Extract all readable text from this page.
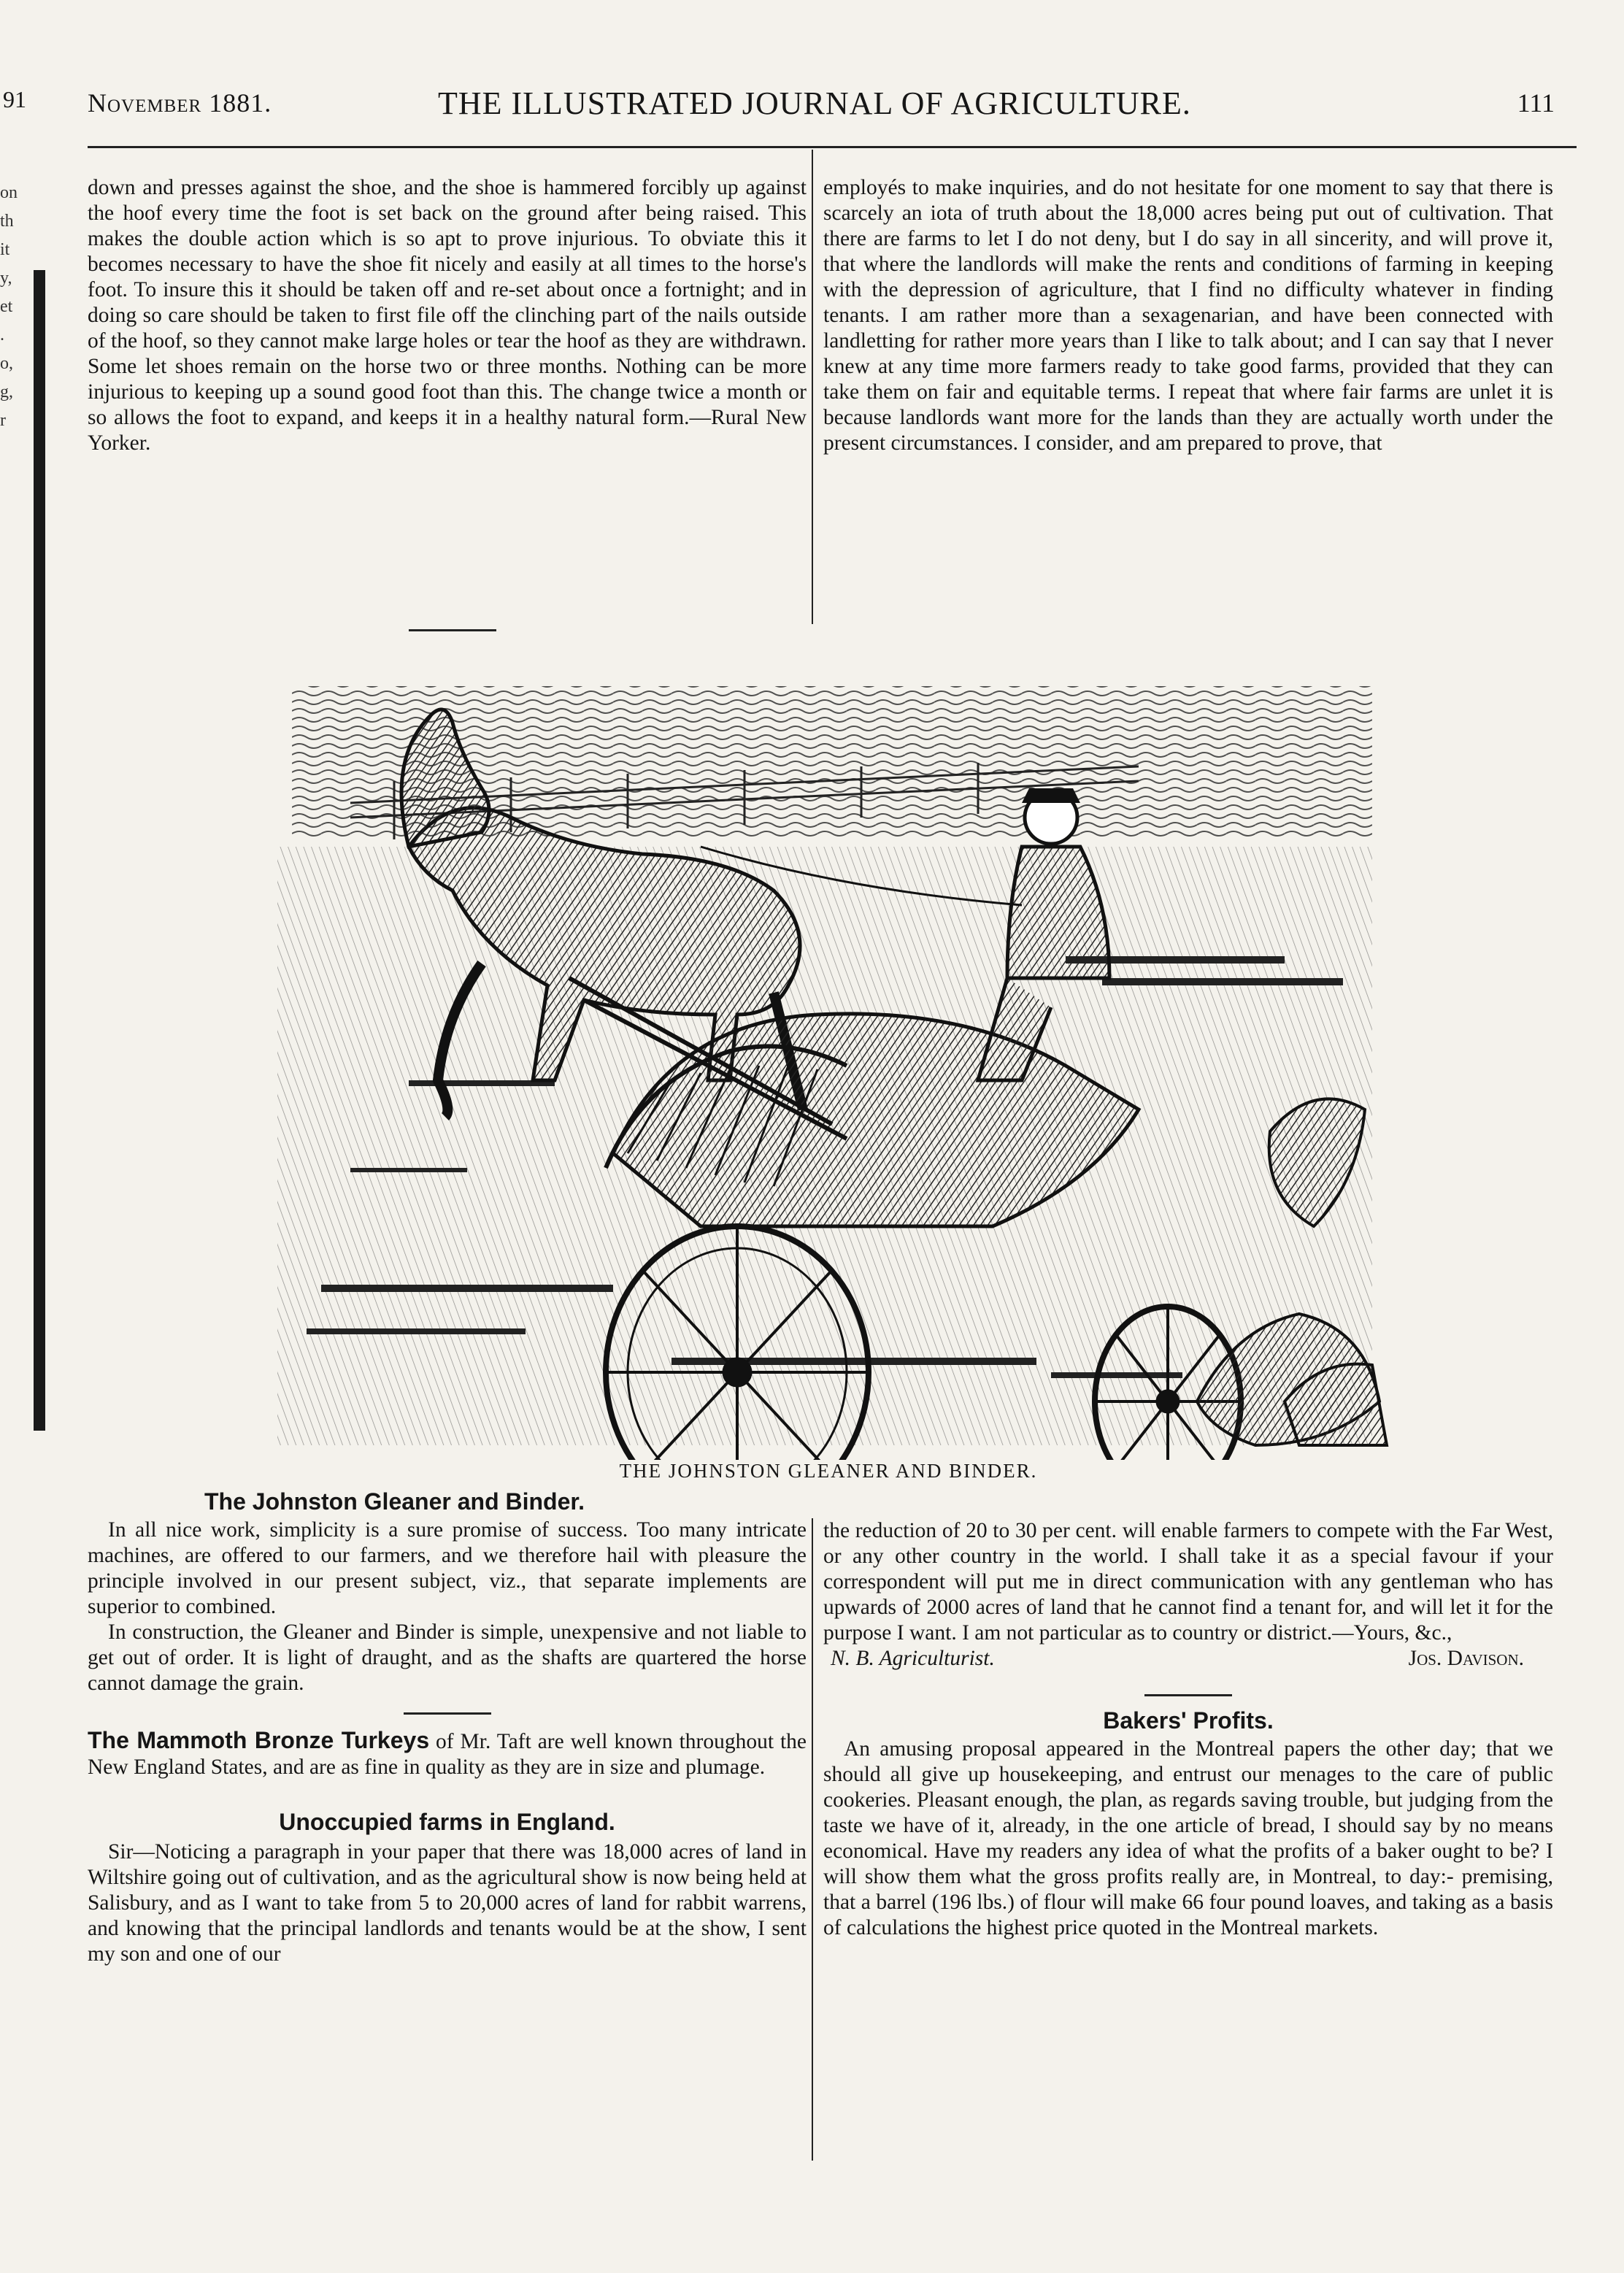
91 November 1881.	THE ILLUSTRATED JOURNAL OF AGRICULTURE.	111
on
th
it
y,
et
.
o,
g,
r

down and presses against the shoe, and the shoe is hammered forcibly up against the hoof every time the foot is set back on the ground after being raised. This makes the double action which is so apt to prove injurious. To obviate this it becomes necessary to have the shoe fit nicely and easily at all times to the horse's foot. To insure this it should be taken off and re-set about once a fortnight; and in doing so care should be taken to first file off the clinching part of the nails outside of the hoof, so they cannot make large holes or tear the hoof as they are withdrawn. Some let shoes remain on the horse two or three months. Nothing can be more injurious to keeping up a sound good foot than this. The change twice a month or so allows the foot to expand, and keeps it in a healthy natural form.—Rural New Yorker.

employés to make inquiries, and do not hesitate for one moment to say that there is scarcely an iota of truth about the 18,000 acres being put out of cultivation. That there are farms to let I do not deny, but I do say in all sincerity, and will prove it, that where the landlords will make the rents and conditions of farming in keeping with the depression of agriculture, that I find no difficulty whatever in finding tenants. I am rather more than a sexagenarian, and have been connected with landletting for rather more years than I like to talk about; and I can say that I never knew at any time more farmers ready to take good farms, provided that they can take them on fair and equitable terms. I repeat that where fair farms are unlet it is because landlords want more for the lands than they are actually worth under the present circumstances. I consider, and am prepared to prove, that

THE JOHNSTON GLEANER AND BINDER.
The Johnston Gleaner and Binder.

In all nice work, simplicity is a sure promise of success. Too many intricate machines, are offered to our farmers, and we therefore hail with pleasure the principle involved in our present subject, viz., that separate implements are superior to combined.

In construction, the Gleaner and Binder is simple, unexpensive and not liable to get out of order. It is light of draught, and as the shafts are quartered the horse cannot damage the grain.

The Mammoth Bronze Turkeys of Mr. Taft are well known throughout the New England States, and are as fine in quality as they are in size and plumage.

Unoccupied farms in England.

Sir—Noticing a paragraph in your paper that there was 18,000 acres of land in Wiltshire going out of cultivation, and as the agricultural show is now being held at Salisbury, and as I want to take from 5 to 20,000 acres of land for rabbit warrens, and knowing that the principal landlords and tenants would be at the show, I sent my son and one of our

the reduction of 20 to 30 per cent. will enable farmers to compete with the Far West, or any other country in the world. I shall take it as a special favour if your correspondent will put me in direct communication with any gentleman who has upwards of 2000 acres of land that he cannot find a tenant for, and will let it for the purpose I want. I am not particular as to country or district.—Yours, &c.,

N. B. Agriculturist.	Jos. Davison.
Bakers' Profits.

An amusing proposal appeared in the Montreal papers the other day; that we should all give up housekeeping, and entrust our menages to the care of public cookeries. Pleasant enough, the plan, as regards saving trouble, but judging from the taste we have of it, already, in the one article of bread, I should say by no means economical. Have my readers any idea of what the profits of a baker ought to be? I will show them what the gross profits really are, in Montreal, to day:- premising, that a barrel (196 lbs.) of flour will make 66 four pound loaves, and taking as a basis of calculations the highest price quoted in the Montreal markets.
